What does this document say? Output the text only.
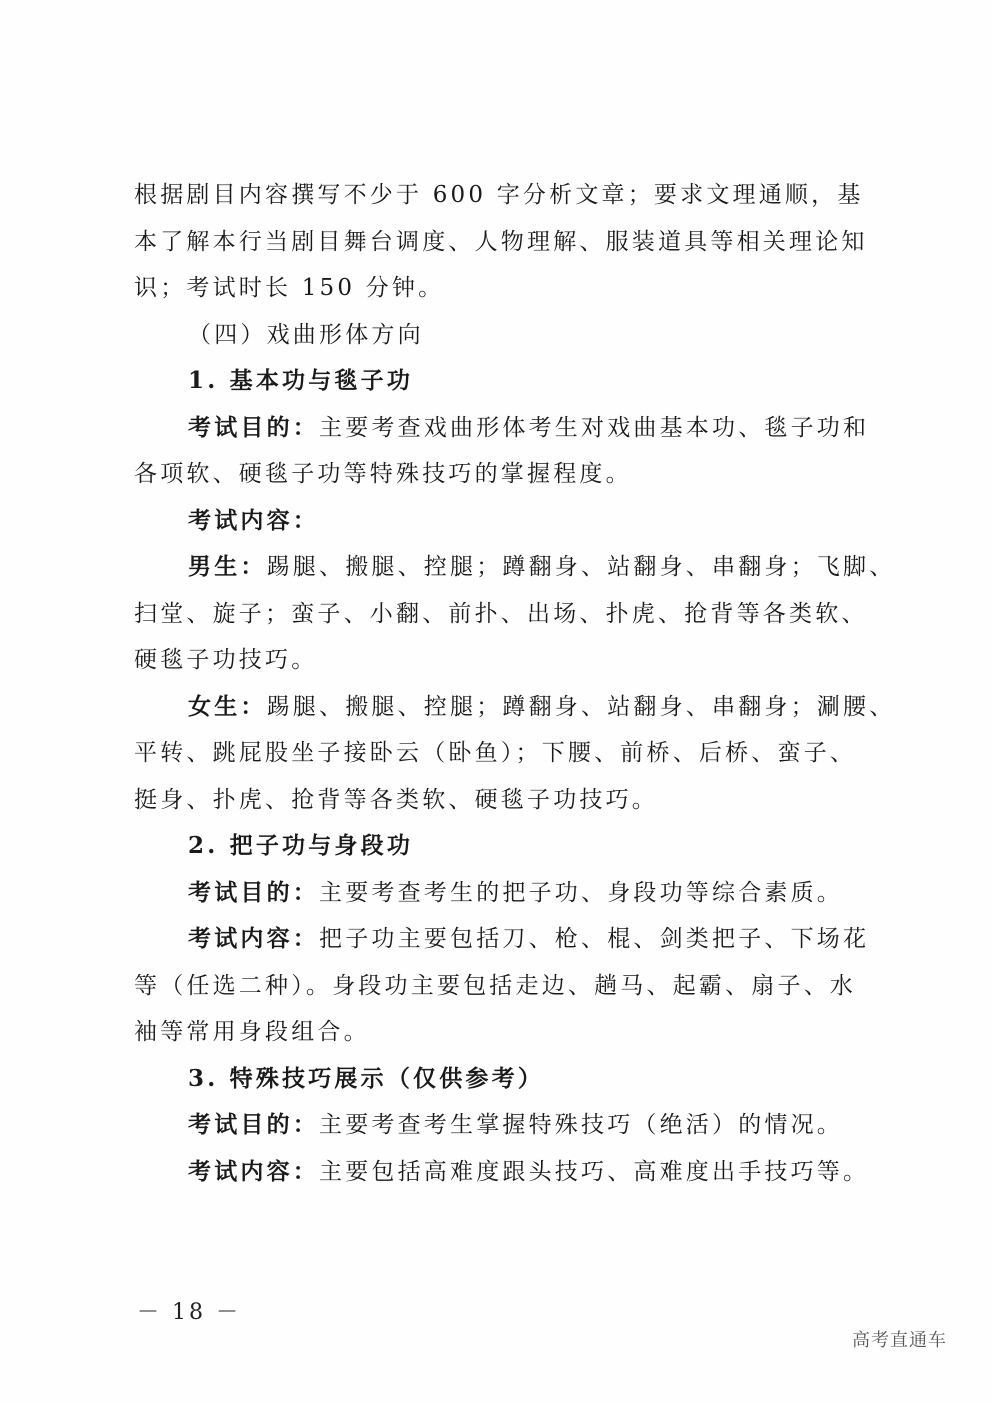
根据剧目内容撰写不少于 600 字分析文章；要求文理通顺，基
本了解本行当剧目舞台调度、人物理解、服装道具等相关理论知
识；考试时长 150 分钟。
（四）戏曲形体方向
1. 基本功与毯子功
考试目的：主要考查戏曲形体考生对戏曲基本功、毯子功和
各项软、硬毯子功等特殊技巧的掌握程度。
考试内容：
男生：踢腿、搬腿、控腿；蹲翻身、站翻身、串翻身；飞脚、
扫堂、旋子；蛮子、小翻、前扑、出场、扑虎、抢背等各类软、
硬毯子功技巧。
女生：踢腿、搬腿、控腿；蹲翻身、站翻身、串翻身；涮腰、
平转、跳屁股坐子接卧云（卧鱼）；下腰、前桥、后桥、蛮子、
挺身、扑虎、抢背等各类软、硬毯子功技巧。
2. 把子功与身段功
考试目的：主要考查考生的把子功、身段功等综合素质。
考试内容：把子功主要包括刀、枪、棍、剑类把子、下场花
等（任选二种）。身段功主要包括走边、趟马、起霸、扇子、水
袖等常用身段组合。
3. 特殊技巧展示（仅供参考）
考试目的：主要考查考生掌握特殊技巧（绝活）的情况。
考试内容：主要包括高难度跟头技巧、高难度出手技巧等。
－ 18 －
高考直通车
